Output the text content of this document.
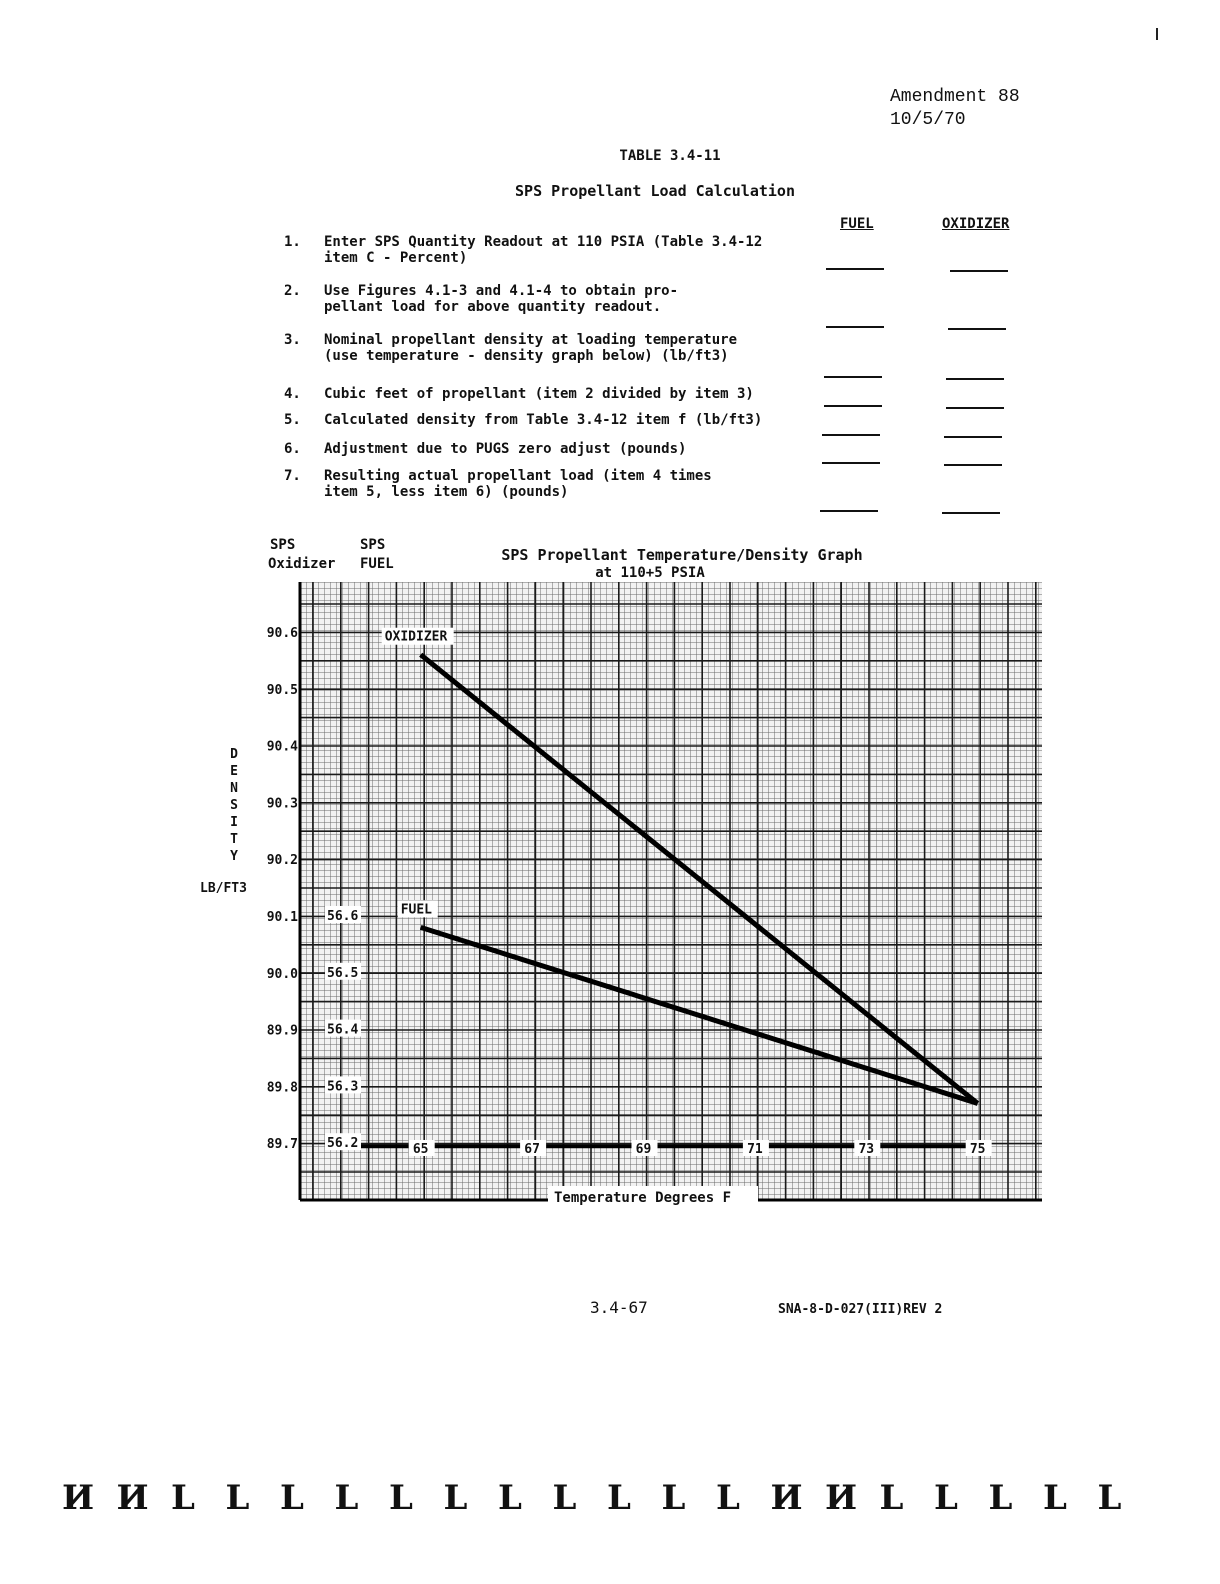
Amendment 88
10/5/70
TABLE 3.4-11
SPS Propellant Load Calculation
FUEL	OXIDIZER
1.	Enter SPS Quantity Readout at 110 PSIA (Table 3.4-12
item C - Percent)
2.	Use Figures 4.1-3 and 4.1-4 to obtain pro-
pellant load for above quantity readout.
3.	Nominal propellant density at loading temperature
(use temperature - density graph below) (lb/ft3)
4.	Cubic feet of propellant (item 2 divided by item 3)
5.	Calculated density from Table 3.4-12 item f (lb/ft3)
6.	Adjustment due to PUGS zero adjust (pounds)
7.	Resulting actual propellant load (item 4 times
item 5, less item 6) (pounds)
SPS
Oxidizer
SPS
FUEL	SPS Propellant Temperature/Density Graph
at 110+5 PSIA
90.6
90.5
90.4
90.3
90.2
90.1
90.0
89.9
89.8
89.7
56.6
56.5
56.4
56.3
56.2	65	67	69	71	73	75
OXIDIZER
FUEL
D
E
N
S
I
T
Y
LB/FT3
Temperature Degrees F
3.4-67	SNA-8-D-027(III)REV 2
И И L L L L L L L L L L L И И L L L L L
